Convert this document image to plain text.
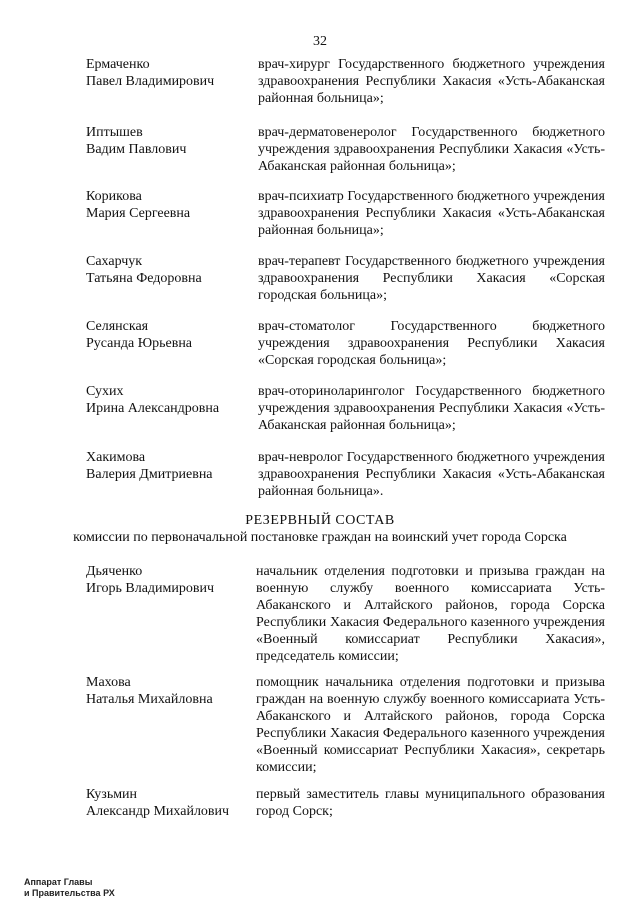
32
Ермаченко
Павел Владимирович
врач-хирург Государственного бюджетного учреждения здравоохранения Республики Хакасия «Усть-Абаканская районная больница»;
Иптышев
Вадим Павлович
врач-дерматовенеролог Государственного бюджетного учреждения здравоохранения Республики Хакасия «Усть-Абаканская районная больница»;
Корикова
Мария Сергеевна
врач-психиатр Государственного бюджетного учреждения здравоохранения Республики Хакасия «Усть-Абаканская районная больница»;
Сахарчук
Татьяна Федоровна
врач-терапевт Государственного бюджетного учреждения здравоохранения Республики Хакасия «Сорская городская больница»;
Селянская
Русанда Юрьевна
врач-стоматолог Государственного бюджетного учреждения здравоохранения Республики Хакасия «Сорская городская больница»;
Сухих
Ирина Александровна
врач-оториноларинголог Государственного бюджетного учреждения здравоохранения Республики Хакасия «Усть-Абаканская районная больница»;
Хакимова
Валерия Дмитриевна
врач-невролог Государственного бюджетного учреждения здравоохранения Республики Хакасия «Усть-Абаканская районная больница».
РЕЗЕРВНЫЙ СОСТАВ
комиссии по первоначальной постановке граждан на воинский учет города Сорска
Дьяченко
Игорь Владимирович
начальник отделения подготовки и призыва граждан на военную службу военного комиссариата Усть-Абаканского и Алтайского районов, города Сорска Республики Хакасия Федерального казенного учреждения «Военный комиссариат Республики Хакасия», председатель комиссии;
Махова
Наталья Михайловна
помощник начальника отделения подготовки и призыва граждан на военную службу военного комиссариата Усть-Абаканского и Алтайского районов, города Сорска Республики Хакасия Федерального казенного учреждения «Военный комиссариат Республики Хакасия», секретарь комиссии;
Кузьмин
Александр Михайлович
первый заместитель главы муниципального образования город Сорск;
Аппарат Главы
и Правительства РХ
